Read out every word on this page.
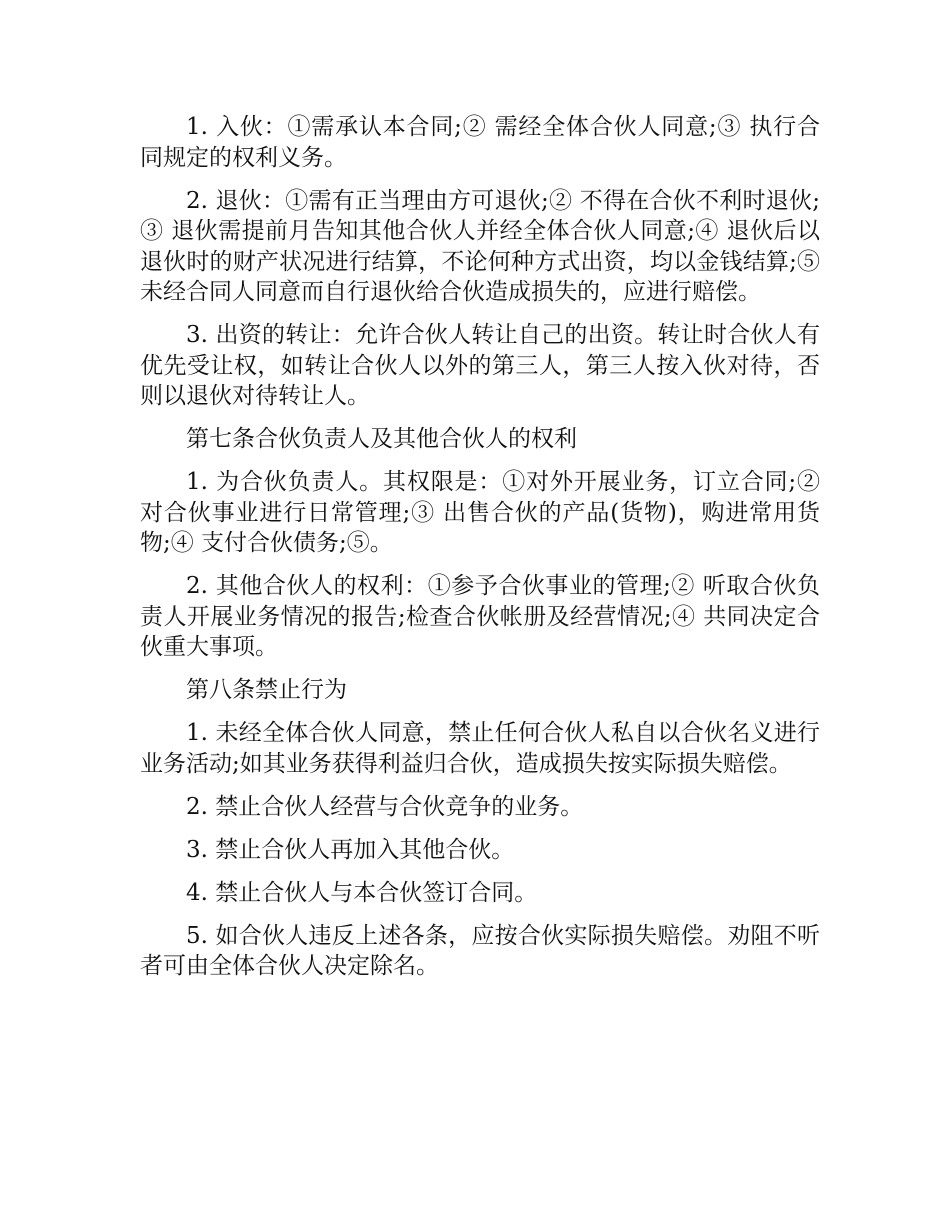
1. 入伙：①需承认本合同;② 需经全体合伙人同意;③ 执行合同规定的权利义务。

2. 退伙：①需有正当理由方可退伙;② 不得在合伙不利时退伙;③ 退伙需提前月告知其他合伙人并经全体合伙人同意;④ 退伙后以退伙时的财产状况进行结算，不论何种方式出资，均以金钱结算;⑤ 未经合同人同意而自行退伙给合伙造成损失的，应进行赔偿。

3. 出资的转让：允许合伙人转让自己的出资。转让时合伙人有优先受让权，如转让合伙人以外的第三人，第三人按入伙对待，否则以退伙对待转让人。

第七条合伙负责人及其他合伙人的权利

1. 为合伙负责人。其权限是：①对外开展业务，订立合同;② 对合伙事业进行日常管理;③ 出售合伙的产品(货物)，购进常用货物;④ 支付合伙债务;⑤。

2. 其他合伙人的权利：①参予合伙事业的管理;② 听取合伙负责人开展业务情况的报告;检查合伙帐册及经营情况;④ 共同决定合伙重大事项。

第八条禁止行为

1. 未经全体合伙人同意，禁止任何合伙人私自以合伙名义进行业务活动;如其业务获得利益归合伙，造成损失按实际损失赔偿。

2. 禁止合伙人经营与合伙竞争的业务。

3. 禁止合伙人再加入其他合伙。

4. 禁止合伙人与本合伙签订合同。

5. 如合伙人违反上述各条，应按合伙实际损失赔偿。劝阻不听者可由全体合伙人决定除名。
